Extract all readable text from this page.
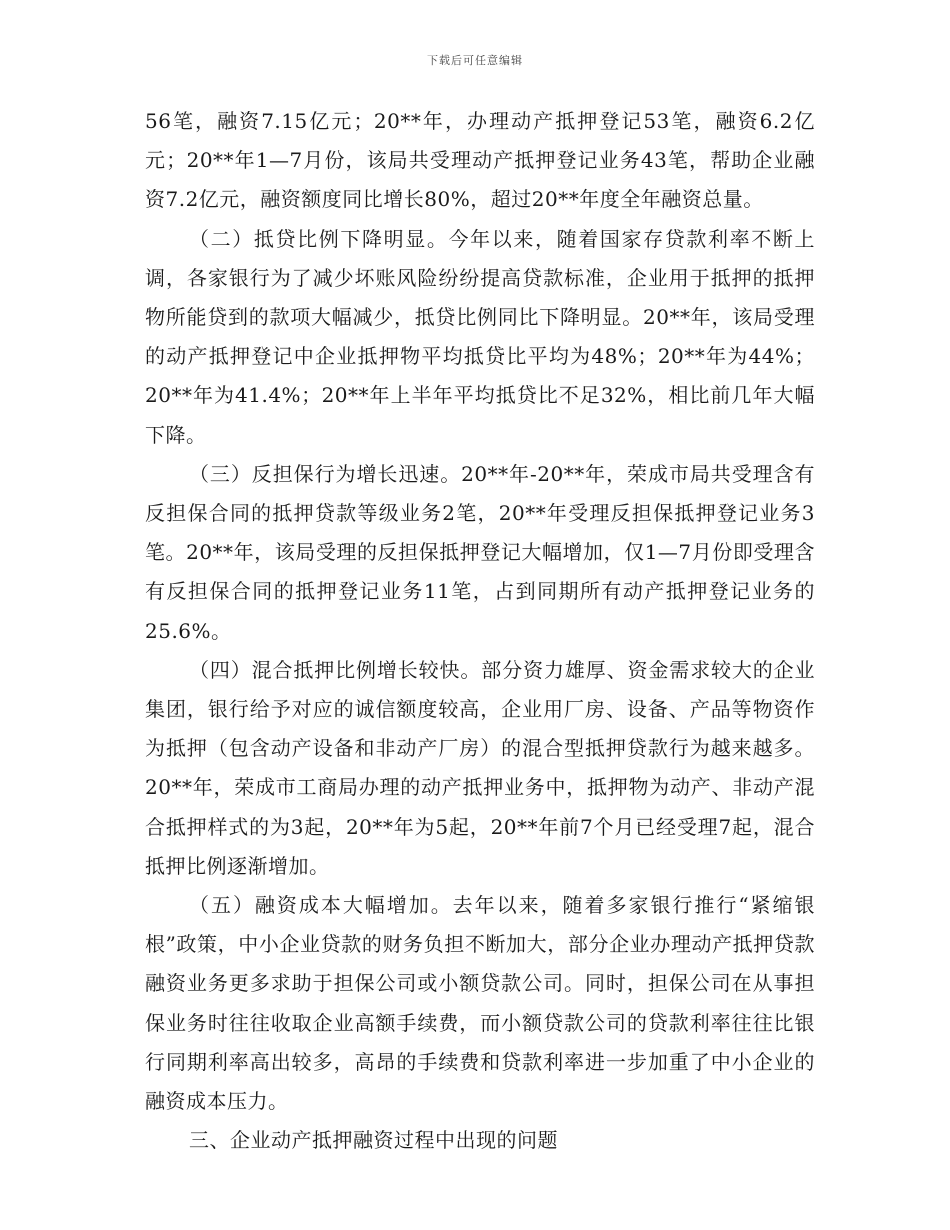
下载后可任意编辑

56笔，融资7.15亿元；20**年，办理动产抵押登记53笔，融资6.2亿元；20**年1—7月份，该局共受理动产抵押登记业务43笔，帮助企业融资7.2亿元，融资额度同比增长80%，超过20**年度全年融资总量。

（二）抵贷比例下降明显。今年以来，随着国家存贷款利率不断上调，各家银行为了减少坏账风险纷纷提高贷款标准，企业用于抵押的抵押物所能贷到的款项大幅减少，抵贷比例同比下降明显。20**年，该局受理的动产抵押登记中企业抵押物平均抵贷比平均为48%；20**年为44%；20**年为41.4%；20**年上半年平均抵贷比不足32%，相比前几年大幅下降。

（三）反担保行为增长迅速。20**年-20**年，荣成市局共受理含有反担保合同的抵押贷款等级业务2笔，20**年受理反担保抵押登记业务3笔。20**年，该局受理的反担保抵押登记大幅增加，仅1—7月份即受理含有反担保合同的抵押登记业务11笔，占到同期所有动产抵押登记业务的25.6%。

（四）混合抵押比例增长较快。部分资力雄厚、资金需求较大的企业集团，银行给予对应的诚信额度较高，企业用厂房、设备、产品等物资作为抵押（包含动产设备和非动产厂房）的混合型抵押贷款行为越来越多。20**年，荣成市工商局办理的动产抵押业务中，抵押物为动产、非动产混合抵押样式的为3起，20**年为5起，20**年前7个月已经受理7起，混合抵押比例逐渐增加。

（五）融资成本大幅增加。去年以来，随着多家银行推行“紧缩银根”政策，中小企业贷款的财务负担不断加大，部分企业办理动产抵押贷款融资业务更多求助于担保公司或小额贷款公司。同时，担保公司在从事担保业务时往往收取企业高额手续费，而小额贷款公司的贷款利率往往比银行同期利率高出较多，高昂的手续费和贷款利率进一步加重了中小企业的融资成本压力。

三、企业动产抵押融资过程中出现的问题
